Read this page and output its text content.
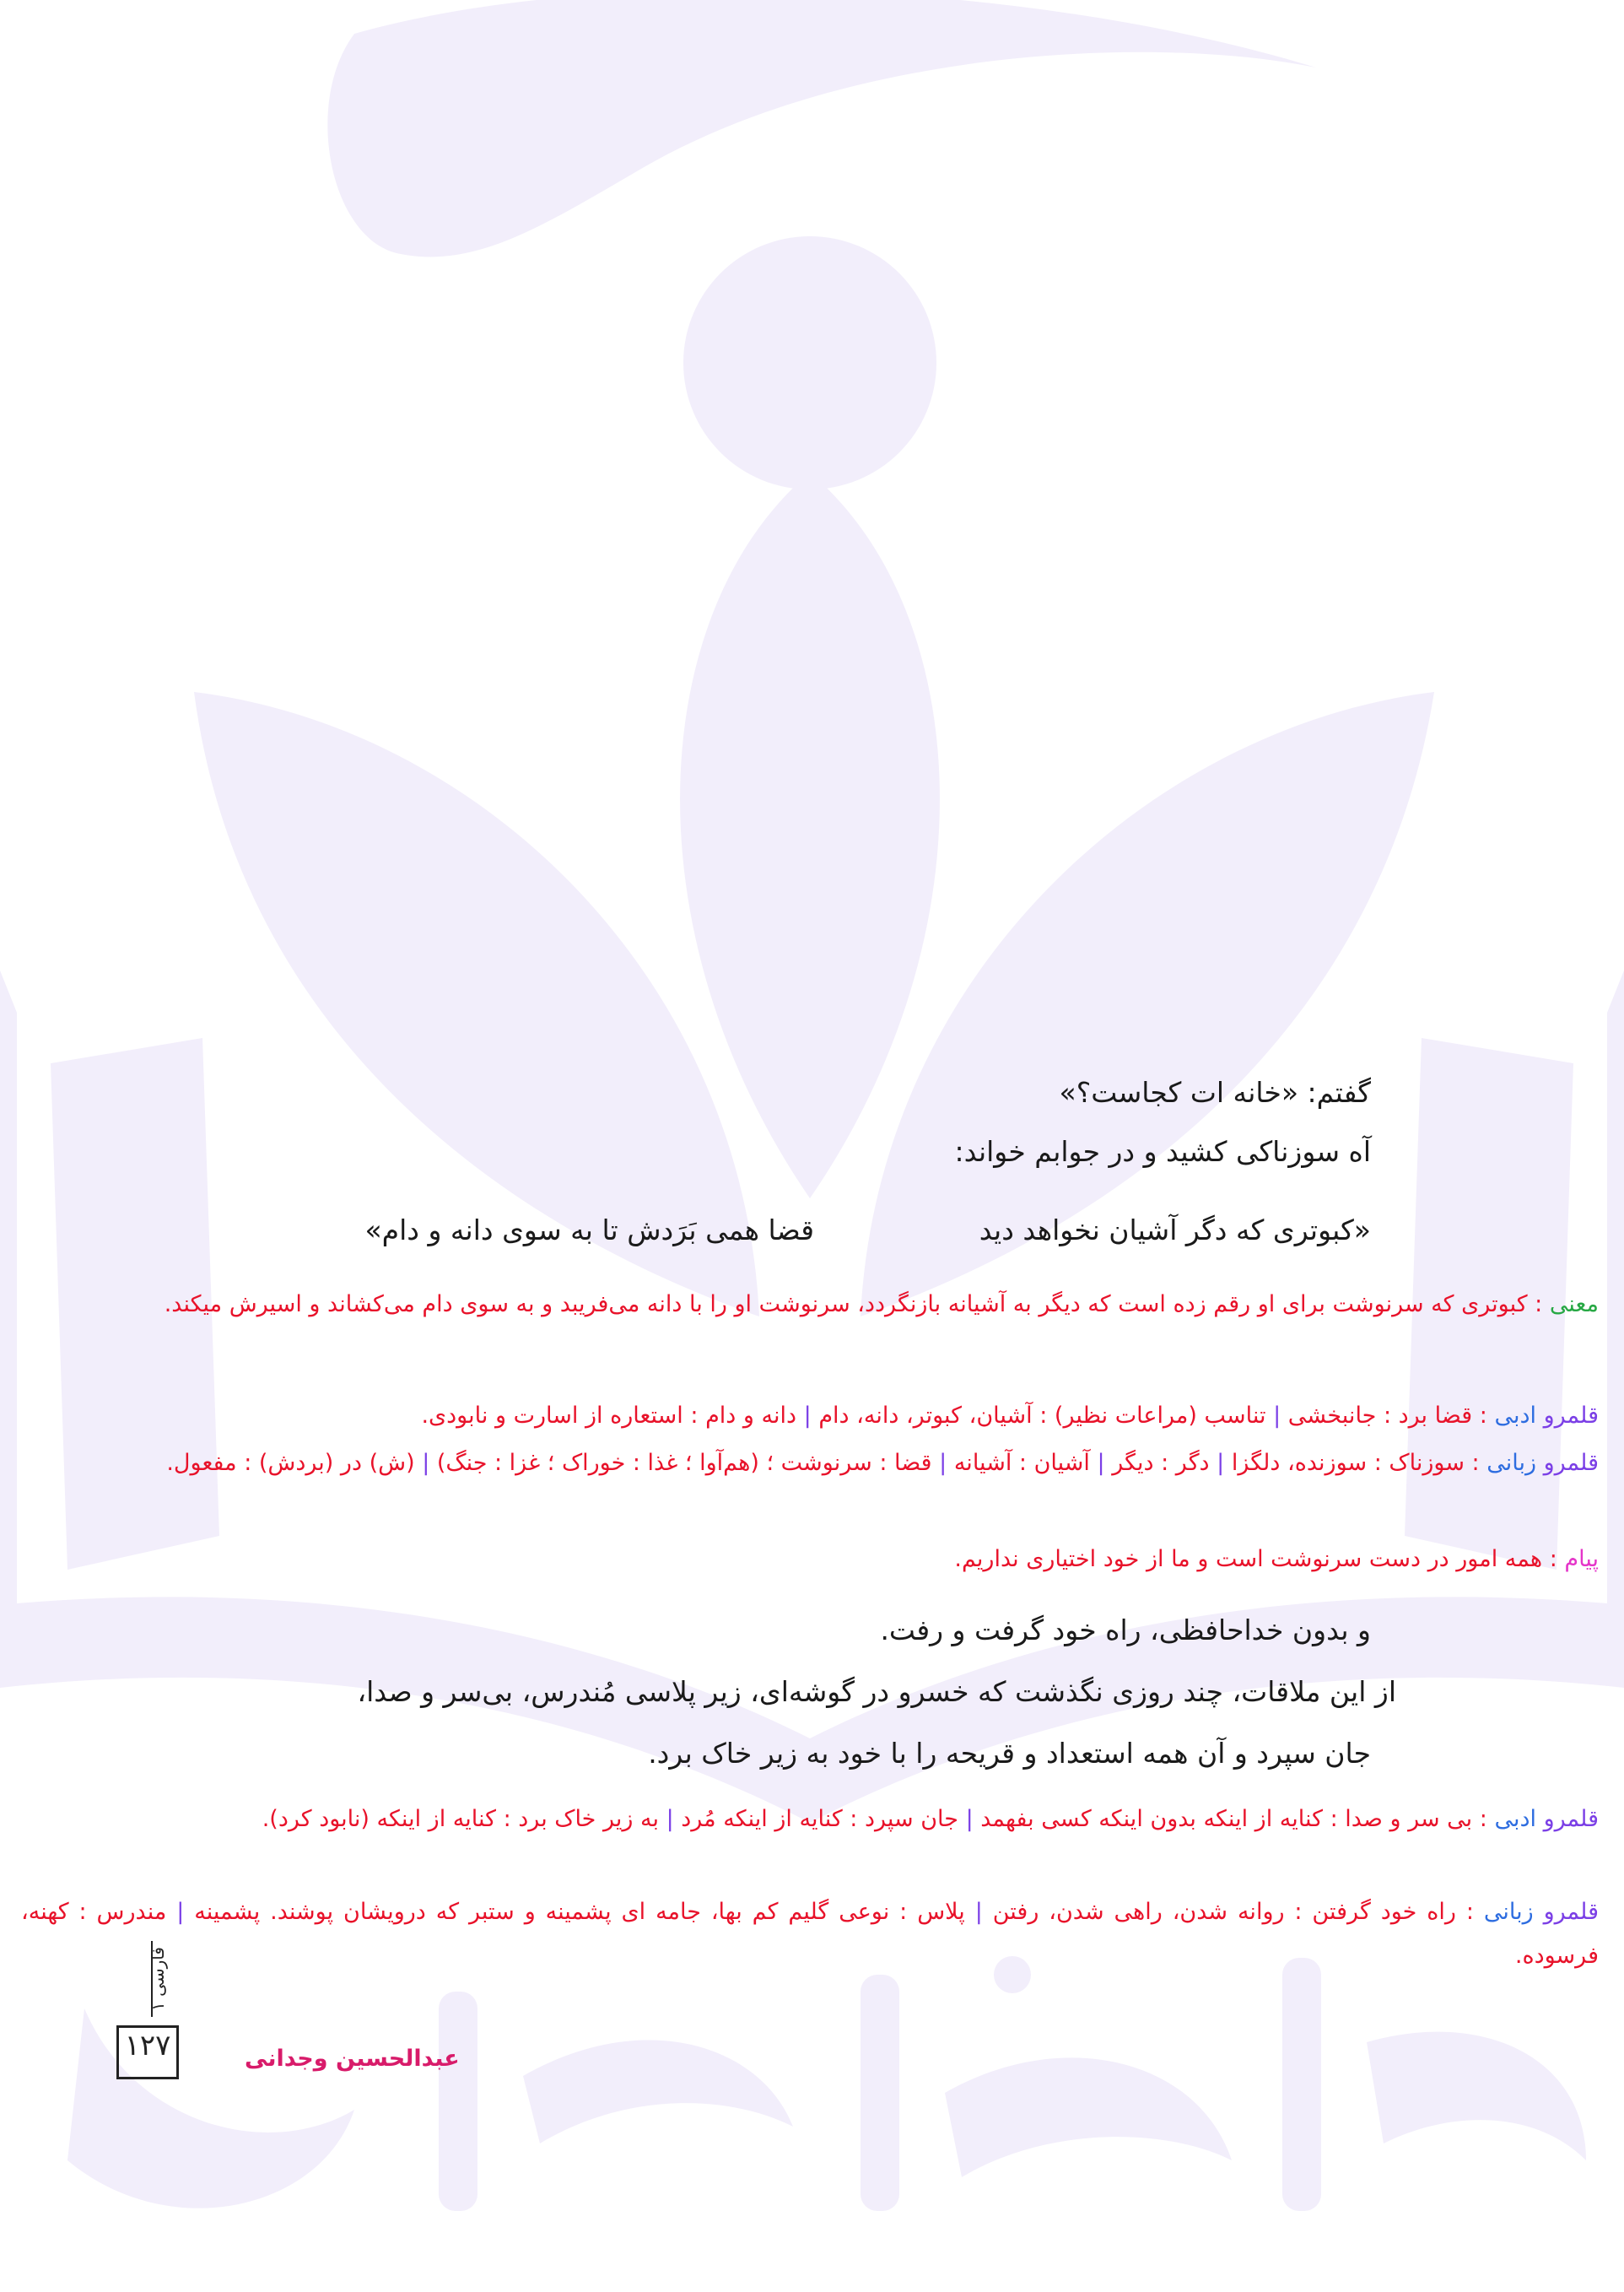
گفتم: «خانه ات کجاست؟»
آه سوزناکی کشید و در جوابم خواند:
«کبوتری که دگر آشیان نخواهد دید
قضا همی بَرَدش تا به سوی دانه و دام»
معنی : کبوتری که سرنوشت برای او رقم زده است که دیگر به آشیانه بازنگردد، سرنوشت او را با دانه می‌فریبد و به سوی دام می‌کشاند و اسیرش میکند.
قلمرو ادبی : قضا برد : جانبخشی | تناسب (مراعات نظیر) : آشیان، کبوتر، دانه، دام | دانه و دام : استعاره از اسارت و نابودی.
قلمرو زبانی : سوزناک : سوزنده، دلگزا | دگر : دیگر | آشیان : آشیانه | قضا : سرنوشت ؛ (هم‌آوا ؛ غذا : خوراک ؛ غزا : جنگ) | (ش) در (بردش) : مفعول.
پیام : همه امور در دست سرنوشت است و ما از خود اختیاری نداریم.
و بدون خداحافظی، راه خود گرفت و رفت.
از این ملاقات، چند روزی نگذشت که خسرو در گوشه‌ای، زیر پلاسی مُندرس، بی‌سر و صدا،
جان سپرد و آن همه استعداد و قریحه را با خود به زیر خاک برد.
قلمرو ادبی : بی سر و صدا : کنایه از اینکه بدون اینکه کسی بفهمد | جان سپرد : کنایه از اینکه مُرد | به زیر خاک برد : کنایه از اینکه (نابود کرد).
قلمرو زبانی : راه خود گرفتن : روانه شدن، راهی شدن، رفتن | پلاس : نوعی گلیم کم بها، جامه ای پشمینه و ستبر که درویشان پوشند. پشمینه | مندرس : کهنه، فرسوده.
فارسی ۱
۱۲۷	عبدالحسین وجدانی
